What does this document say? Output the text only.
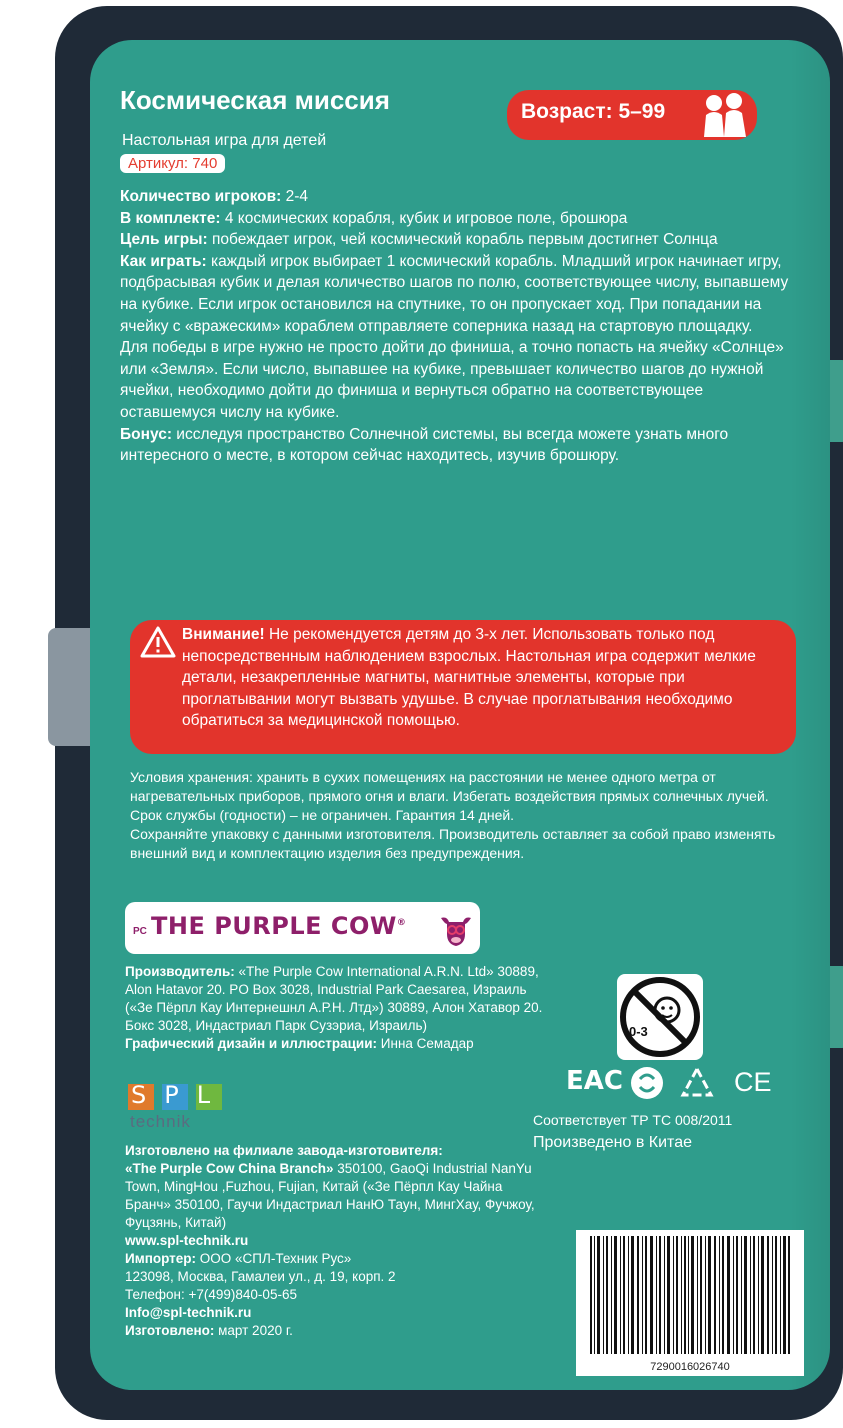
Космическая миссия
Настольная игра для детей
Артикул: 740
Возраст: 5–99

Количество игроков: 2-4

В комплекте: 4 космических корабля, кубик и игровое поле, брошюра

Цель игры: побеждает игрок, чей космический корабль первым достигнет Солнца

Как играть: каждый игрок выбирает 1 космический корабль. Младший игрок начинает игру, подбрасывая кубик и делая количество шагов по полю, соответствующее числу, выпавшему на кубике. Если игрок остановился на спутнике, то он пропускает ход. При попадании на ячейку с «вражеским» кораблем отправляете соперника назад на стартовую площадку.

Для победы в игре нужно не просто дойти до финиша, а точно попасть на ячейку «Солнце» или «Земля». Если число, выпавшее на кубике, превышает количество шагов до нужной ячейки, необходимо дойти до финиша и вернуться обратно на соответствующее оставшемуся числу на кубике.

Бонус: исследуя пространство Солнечной системы, вы всегда можете узнать много интересного о месте, в котором сейчас находитесь, изучив брошюру.

Внимание! Не рекомендуется детям до 3-х лет. Использовать только под непосредственным наблюдением взрослых. Настольная игра содержит мелкие детали, незакрепленные магниты, магнитные элементы, которые при проглатывании могут вызвать удушье. В случае проглатывания необходимо обратиться за медицинской помощью.

Условия хранения: хранить в сухих помещениях на расстоянии не менее одного метра от нагревательных приборов, прямого огня и влаги. Избегать воздействия прямых солнечных лучей. Срок службы (годности) – не ограничен. Гарантия 14 дней.

Сохраняйте упаковку с данными изготовителя. Производитель оставляет за собой право изменять внешний вид и комплектацию изделия без предупреждения.

PC THE PURPLE COW®

Производитель: «The Purple Cow International A.R.N. Ltd» 30889, Alon Hatavor 20. PO Box 3028, Industrial Park Caesarea, Израиль («Зе Пёрпл Кау Интернешнл А.Р.Н. Лтд») 30889, Алон Хатавор 20. Бокс 3028, Индастриал Парк Сузэриа, Израиль)

Графический дизайн и иллюстрации: Инна Семадар

SPL
technik

Изготовлено на филиале завода-изготовителя:

«The Purple Cow China Branch» 350100, GaoQi Industrial NanYu Town, MingHou ,Fuzhou, Fujian, Китай («Зе Пёрпл Кау Чайна Бранч» 350100, Гаучи Индастриал НанЮ Таун, МингХау, Фучжоу, Фуцзянь, Китай)

www.spl-technik.ru

Импортер: ООО «СПЛ-Техник Рус»

123098, Москва, Гамалеи ул., д. 19, корп. 2

Телефон: +7(499)840-05-65

Info@spl-technik.ru

Изготовлено: март 2020 г.

0-3
EAC	CE
Соответствует ТР ТС 008/2011
Произведено в Китае
7290016026740
